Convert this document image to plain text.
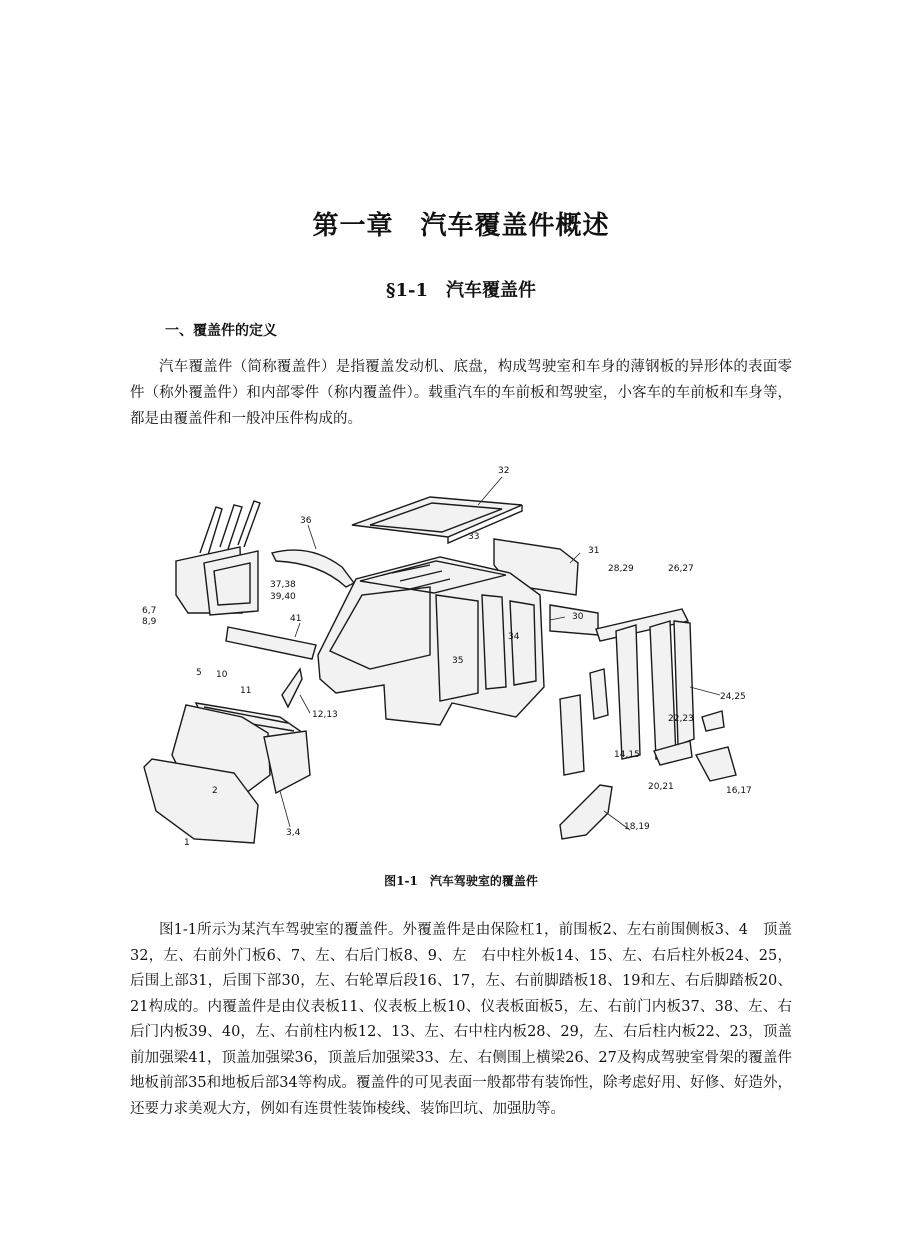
第一章　汽车覆盖件概述
§1-1　汽车覆盖件
一、覆盖件的定义

汽车覆盖件（简称覆盖件）是指覆盖发动机、底盘，构成驾驶室和车身的薄钢板的异形体的表面零件（称外覆盖件）和内部零件（称内覆盖件）。载重汽车的车前板和驾驶室，小客车的车前板和车身等，都是由覆盖件和一般冲压件构成的。

32
36
33
31
28,29	26,27
37,38
39,40
6,7
8,9	30
41
34
35
5 10
11
12,13
24,25
22,23
14,15
2
1
3,4
20,21	16,17
18,19
图1-1　汽车驾驶室的覆盖件

图1-1所示为某汽车驾驶室的覆盖件。外覆盖件是由保险杠1，前围板2、左右前围侧板3、4　顶盖32，左、右前外门板6、7、左、右后门板8、9、左　右中柱外板14、15、左、右后柱外板24、25，后围上部31，后围下部30，左、右轮罩后段16、17，左、右前脚踏板18、19和左、右后脚踏板20、21构成的。内覆盖件是由仪表板11、仪表板上板10、仪表板面板5，左、右前门内板37、38、左、右后门内板39、40，左、右前柱内板12、13、左、右中柱内板28、29，左、右后柱内板22、23，顶盖前加强梁41，顶盖加强梁36，顶盖后加强梁33、左、右侧围上横梁26、27及构成驾驶室骨架的覆盖件地板前部35和地板后部34等构成。覆盖件的可见表面一般都带有装饰性，除考虑好用、好修、好造外，还要力求美观大方，例如有连贯性装饰棱线、装饰凹坑、加强肋等。
